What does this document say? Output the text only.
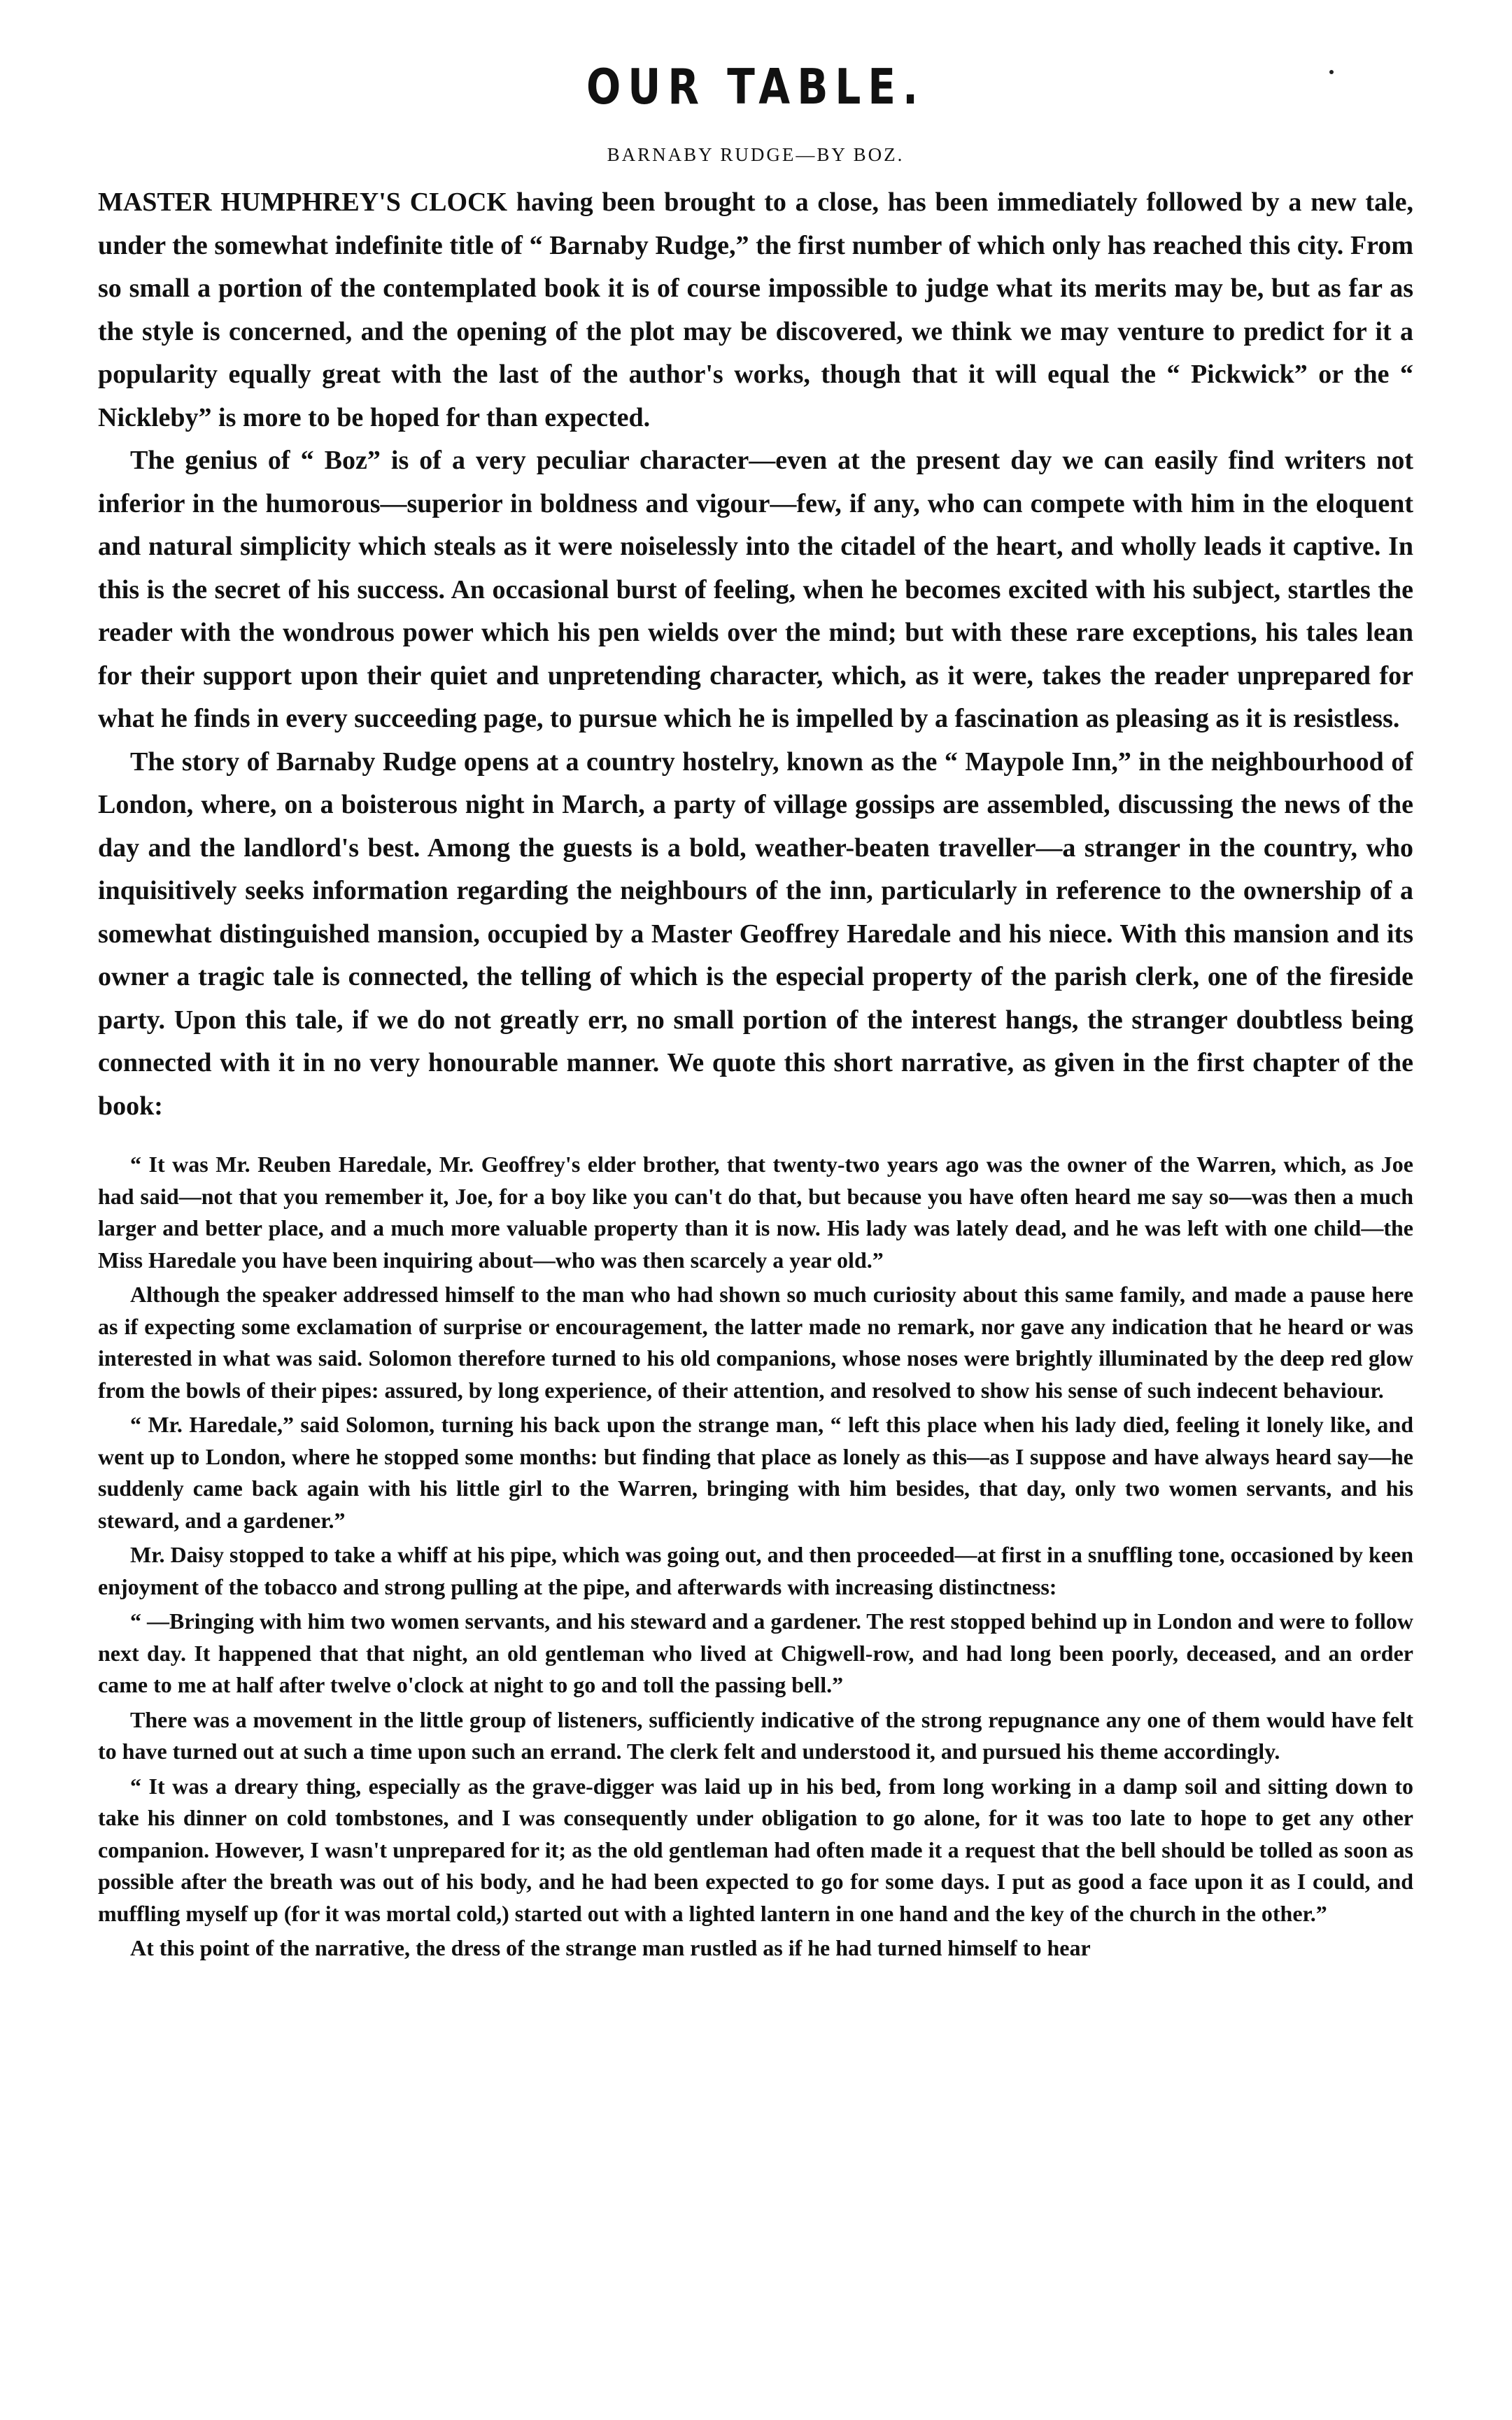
OUR TABLE.
BARNABY RUDGE—BY BOZ.

MASTER HUMPHREY'S CLOCK having been brought to a close, has been immediately followed by a new tale, under the somewhat indefinite title of “ Barnaby Rudge,” the first number of which only has reached this city. From so small a portion of the contemplated book it is of course impossible to judge what its merits may be, but as far as the style is concerned, and the opening of the plot may be discovered, we think we may venture to predict for it a popularity equally great with the last of the author's works, though that it will equal the “ Pickwick” or the “ Nickleby” is more to be hoped for than expected.

The genius of “ Boz” is of a very peculiar character—even at the present day we can easily find writers not inferior in the humorous—superior in boldness and vigour—few, if any, who can compete with him in the eloquent and natural simplicity which steals as it were noiselessly into the citadel of the heart, and wholly leads it captive. In this is the secret of his success. An occasional burst of feeling, when he becomes excited with his subject, startles the reader with the wondrous power which his pen wields over the mind; but with these rare exceptions, his tales lean for their support upon their quiet and unpretending character, which, as it were, takes the reader unprepared for what he finds in every succeeding page, to pursue which he is impelled by a fascination as pleasing as it is resistless.

The story of Barnaby Rudge opens at a country hostelry, known as the “ Maypole Inn,” in the neighbourhood of London, where, on a boisterous night in March, a party of village gossips are assembled, discussing the news of the day and the landlord's best. Among the guests is a bold, weather-beaten traveller—a stranger in the country, who inquisitively seeks information regarding the neighbours of the inn, particularly in reference to the ownership of a somewhat distinguished mansion, occupied by a Master Geoffrey Haredale and his niece. With this mansion and its owner a tragic tale is connected, the telling of which is the especial property of the parish clerk, one of the fireside party. Upon this tale, if we do not greatly err, no small portion of the interest hangs, the stranger doubtless being connected with it in no very honourable manner. We quote this short narrative, as given in the first chapter of the book:

“ It was Mr. Reuben Haredale, Mr. Geoffrey's elder brother, that twenty-two years ago was the owner of the Warren, which, as Joe had said—not that you remember it, Joe, for a boy like you can't do that, but because you have often heard me say so—was then a much larger and better place, and a much more valuable property than it is now. His lady was lately dead, and he was left with one child—the Miss Haredale you have been inquiring about—who was then scarcely a year old.”

Although the speaker addressed himself to the man who had shown so much curiosity about this same family, and made a pause here as if expecting some exclamation of surprise or encouragement, the latter made no remark, nor gave any indication that he heard or was interested in what was said. Solomon therefore turned to his old companions, whose noses were brightly illuminated by the deep red glow from the bowls of their pipes: assured, by long experience, of their attention, and resolved to show his sense of such indecent behaviour.

“ Mr. Haredale,” said Solomon, turning his back upon the strange man, “ left this place when his lady died, feeling it lonely like, and went up to London, where he stopped some months: but finding that place as lonely as this—as I suppose and have always heard say—he suddenly came back again with his little girl to the Warren, bringing with him besides, that day, only two women servants, and his steward, and a gardener.”

Mr. Daisy stopped to take a whiff at his pipe, which was going out, and then proceeded—at first in a snuffling tone, occasioned by keen enjoyment of the tobacco and strong pulling at the pipe, and afterwards with increasing distinctness:

“ —Bringing with him two women servants, and his steward and a gardener. The rest stopped behind up in London and were to follow next day. It happened that that night, an old gentleman who lived at Chigwell-row, and had long been poorly, deceased, and an order came to me at half after twelve o'clock at night to go and toll the passing bell.”

There was a movement in the little group of listeners, sufficiently indicative of the strong repugnance any one of them would have felt to have turned out at such a time upon such an errand. The clerk felt and understood it, and pursued his theme accordingly.

“ It was a dreary thing, especially as the grave-digger was laid up in his bed, from long working in a damp soil and sitting down to take his dinner on cold tombstones, and I was consequently under obligation to go alone, for it was too late to hope to get any other companion. However, I wasn't unprepared for it; as the old gentleman had often made it a request that the bell should be tolled as soon as possible after the breath was out of his body, and he had been expected to go for some days. I put as good a face upon it as I could, and muffling myself up (for it was mortal cold,) started out with a lighted lantern in one hand and the key of the church in the other.”

At this point of the narrative, the dress of the strange man rustled as if he had turned himself to hear
